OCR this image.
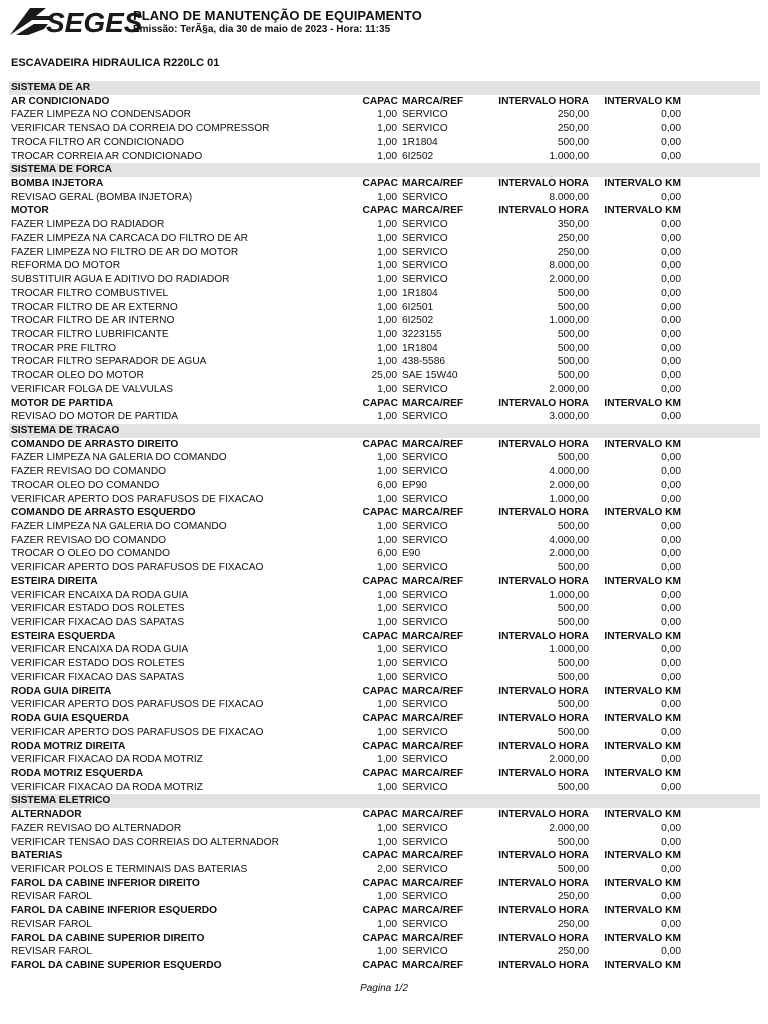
SEGES
PLANO DE MANUTENÇÃO DE EQUIPAMENTO
Emissão: TerÃ§a, dia 30 de maio de 2023 - Hora: 11:35
ESCAVADEIRA HIDRAULICA R220LC 01
SISTEMA DE AR
AR CONDICIONADO	CAPAC MARCA/REF	INTERVALO HORA INTERVALO KM
FAZER LIMPEZA NO CONDENSADOR	1,00 SERVICO	250,00	0,00
VERIFICAR TENSAO DA CORREIA DO COMPRESSOR	1,00 SERVICO	250,00	0,00
TROCA FILTRO AR CONDICIONADO	1,00 1R1804	500,00	0,00
TROCAR CORREIA AR CONDICIONADO	1,00 6I2502	1.000,00	0,00
SISTEMA DE FORCA
BOMBA INJETORA	CAPAC MARCA/REF	INTERVALO HORA INTERVALO KM
REVISAO GERAL (BOMBA INJETORA)	1,00 SERVICO	8.000,00	0,00
MOTOR	CAPAC MARCA/REF	INTERVALO HORA INTERVALO KM
FAZER LIMPEZA DO RADIADOR	1,00 SERVICO	350,00	0,00
FAZER LIMPEZA NA CARCACA DO FILTRO DE AR	1,00 SERVICO	250,00	0,00
FAZER LIMPEZA NO FILTRO DE AR DO MOTOR	1,00 SERVICO	250,00	0,00
REFORMA DO MOTOR	1,00 SERVICO	8.000,00	0,00
SUBSTITUIR AGUA E ADITIVO DO RADIADOR	1,00 SERVICO	2.000,00	0,00
TROCAR FILTRO COMBUSTIVEL	1,00 1R1804	500,00	0,00
TROCAR FILTRO DE AR EXTERNO	1,00 6I2501	500,00	0,00
TROCAR FILTRO DE AR INTERNO	1,00 6I2502	1.000,00	0,00
TROCAR FILTRO LUBRIFICANTE	1,00 3223155	500,00	0,00
TROCAR PRE FILTRO	1,00 1R1804	500,00	0,00
TROCAR FILTRO SEPARADOR DE AGUA	1,00 438-5586	500,00	0,00
TROCAR OLEO DO MOTOR	25,00 SAE 15W40	500,00	0,00
VERIFICAR FOLGA DE VALVULAS	1,00 SERVICO	2.000,00	0,00
MOTOR DE PARTIDA	CAPAC MARCA/REF	INTERVALO HORA INTERVALO KM
REVISAO DO MOTOR DE PARTIDA	1,00 SERVICO	3.000,00	0,00
SISTEMA DE TRACAO
COMANDO DE ARRASTO DIREITO	CAPAC MARCA/REF	INTERVALO HORA INTERVALO KM
FAZER LIMPEZA NA GALERIA DO COMANDO	1,00 SERVICO	500,00	0,00
FAZER REVISAO DO COMANDO	1,00 SERVICO	4.000,00	0,00
TROCAR OLEO DO COMANDO	6,00 EP90	2.000,00	0,00
VERIFICAR APERTO DOS PARAFUSOS DE FIXACAO	1,00 SERVICO	1.000,00	0,00
COMANDO DE ARRASTO ESQUERDO	CAPAC MARCA/REF	INTERVALO HORA INTERVALO KM
FAZER LIMPEZA NA GALERIA DO COMANDO	1,00 SERVICO	500,00	0,00
FAZER REVISAO DO COMANDO	1,00 SERVICO	4.000,00	0,00
TROCAR O OLEO DO COMANDO	6,00 E90	2.000,00	0,00
VERIFICAR APERTO DOS PARAFUSOS DE FIXACAO	1,00 SERVICO	500,00	0,00
ESTEIRA DIREITA	CAPAC MARCA/REF	INTERVALO HORA INTERVALO KM
VERIFICAR ENCAIXA DA RODA GUIA	1,00 SERVICO	1.000,00	0,00
VERIFICAR ESTADO DOS ROLETES	1,00 SERVICO	500,00	0,00
VERIFICAR FIXACAO DAS SAPATAS	1,00 SERVICO	500,00	0,00
ESTEIRA ESQUERDA	CAPAC MARCA/REF	INTERVALO HORA INTERVALO KM
VERIFICAR ENCAIXA DA RODA GUIA	1,00 SERVICO	1.000,00	0,00
VERIFICAR ESTADO DOS ROLETES	1,00 SERVICO	500,00	0,00
VERIFICAR FIXACAO DAS SAPATAS	1,00 SERVICO	500,00	0,00
RODA GUIA DIREITA	CAPAC MARCA/REF	INTERVALO HORA INTERVALO KM
VERIFICAR APERTO DOS PARAFUSOS DE FIXACAO	1,00 SERVICO	500,00	0,00
RODA GUIA ESQUERDA	CAPAC MARCA/REF	INTERVALO HORA INTERVALO KM
VERIFICAR APERTO DOS PARAFUSOS DE FIXACAO	1,00 SERVICO	500,00	0,00
RODA MOTRIZ DIREITA	CAPAC MARCA/REF	INTERVALO HORA INTERVALO KM
VERIFICAR FIXACAO DA RODA MOTRIZ	1,00 SERVICO	2.000,00	0,00
RODA MOTRIZ ESQUERDA	CAPAC MARCA/REF	INTERVALO HORA INTERVALO KM
VERIFICAR FIXACAO DA RODA MOTRIZ	1,00 SERVICO	500,00	0,00
SISTEMA ELETRICO
ALTERNADOR	CAPAC MARCA/REF	INTERVALO HORA INTERVALO KM
FAZER REVISAO DO ALTERNADOR	1,00 SERVICO	2.000,00	0,00
VERIFICAR TENSAO DAS CORREIAS DO ALTERNADOR	1,00 SERVICO	500,00	0,00
BATERIAS	CAPAC MARCA/REF	INTERVALO HORA INTERVALO KM
VERIFICAR POLOS E TERMINAIS DAS BATERIAS	2,00 SERVICO	500,00	0,00
FAROL DA CABINE INFERIOR DIREITO	CAPAC MARCA/REF	INTERVALO HORA INTERVALO KM
REVISAR FAROL	1,00 SERVICO	250,00	0,00
FAROL DA CABINE INFERIOR ESQUERDO	CAPAC MARCA/REF	INTERVALO HORA INTERVALO KM
REVISAR FAROL	1,00 SERVICO	250,00	0,00
FAROL DA CABINE SUPERIOR DIREITO	CAPAC MARCA/REF	INTERVALO HORA INTERVALO KM
REVISAR FAROL	1,00 SERVICO	250,00	0,00
FAROL DA CABINE SUPERIOR ESQUERDO	CAPAC MARCA/REF	INTERVALO HORA INTERVALO KM
Pagina 1/2
